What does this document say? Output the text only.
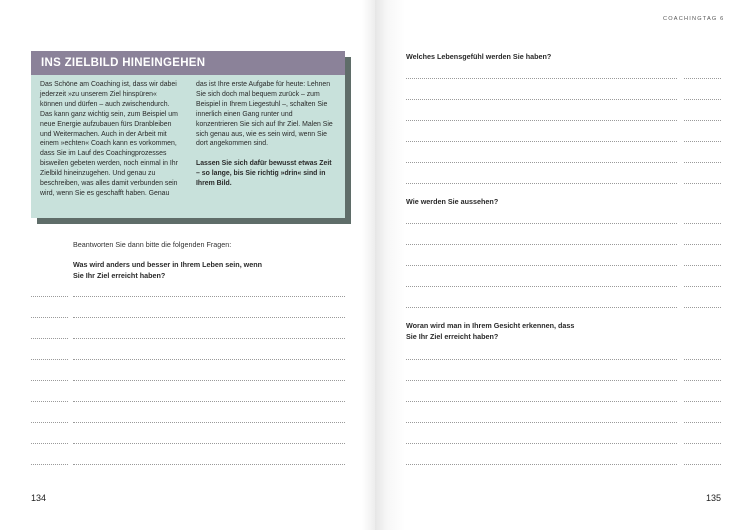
INS ZIELBILD HINEINGEHEN

Das Schöne am Coaching ist, dass wir dabei jederzeit »zu unserem Ziel hinspüren« können und dürfen – auch zwischendurch. Das kann ganz wichtig sein, zum Beispiel um neue Energie aufzubauen fürs Dranbleiben und Weitermachen. Auch in der Arbeit mit einem »echten« Coach kann es vorkommen, dass Sie im Lauf des Coachingprozesses bisweilen gebeten werden, noch einmal in Ihr Zielbild hineinzugehen. Und genau zu beschreiben, was alles damit verbunden sein wird, wenn Sie es geschafft haben. Genau

das ist Ihre erste Aufgabe für heute: Lehnen Sie sich doch mal bequem zurück – zum Beispiel in Ihrem Liegestuhl –, schalten Sie innerlich einen Gang runter und konzentrieren Sie sich auf Ihr Ziel. Malen Sie sich genau aus, wie es sein wird, wenn Sie dort angekommen sind.

Lassen Sie sich dafür bewusst etwas Zeit – so lange, bis Sie richtig »drin« sind in Ihrem Bild.

Beantworten Sie dann bitte die folgenden Fragen:
Was wird anders und besser in Ihrem Leben sein, wenn Sie Ihr Ziel erreicht haben?
134
COACHINGTAG 6
Welches Lebensgefühl werden Sie haben?
Wie werden Sie aussehen?
Woran wird man in Ihrem Gesicht erkennen, dass Sie Ihr Ziel erreicht haben?
135
